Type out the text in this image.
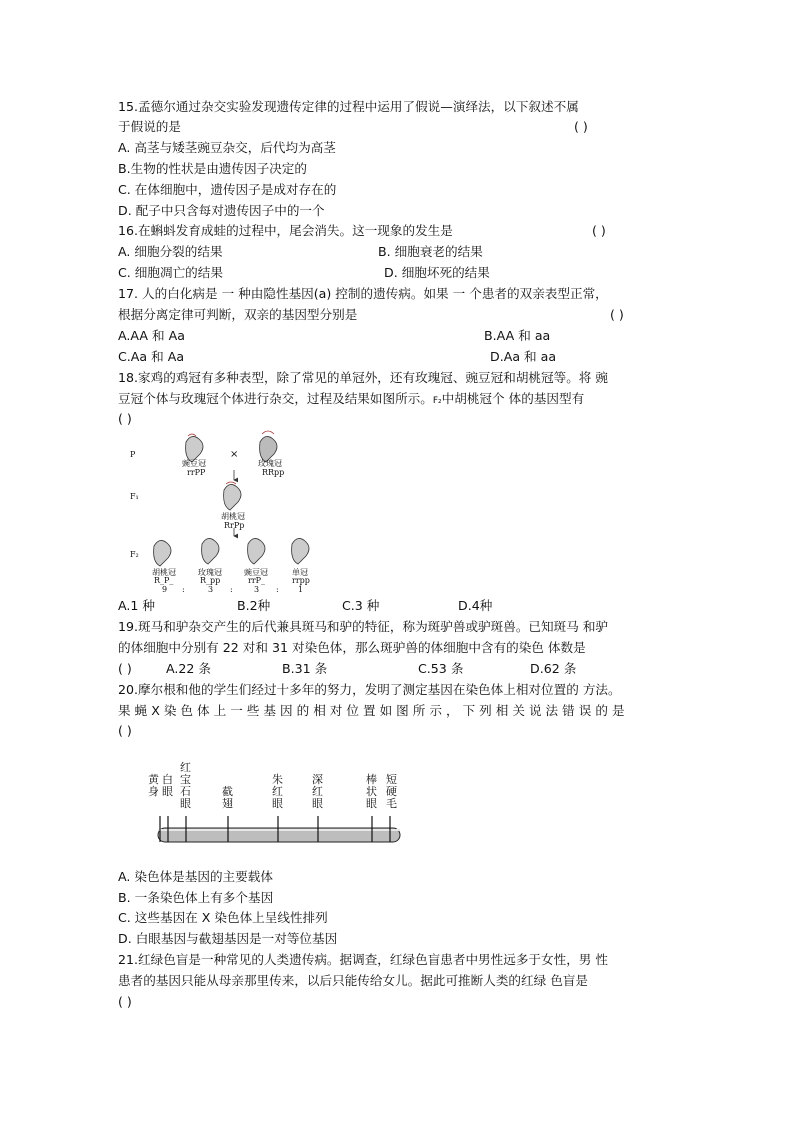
15.孟德尔通过杂交实验发现遗传定律的过程中运用了假说—演绎法，以下叙述不属
于假说的是	( )
A. 高茎与矮茎豌豆杂交，后代均为高茎
B.生物的性状是由遗传因子决定的
C. 在体细胞中，遗传因子是成对存在的
D. 配子中只含每对遗传因子中的一个
16.在蝌蚪发育成蛙的过程中，尾会消失。这一现象的发生是	( )
A. 细胞分裂的结果	B. 细胞衰老的结果
C. 细胞凋亡的结果	D. 细胞坏死的结果
17. 人的白化病是 一 种由隐性基因(a) 控制的遗传病。如果 一 个患者的双亲表型正常，
根据分离定律可判断，双亲的基因型分别是	( )
A.AA 和 Aa	B.AA 和 aa
C.Aa 和 Aa	D.Aa 和 aa
18.家鸡的鸡冠有多种表型，除了常见的单冠外，还有玫瑰冠、豌豆冠和胡桃冠等。将 豌
豆冠个体与玫瑰冠个体进行杂交，过程及结果如图所示。F₂中胡桃冠个 体的基因型有
( )
P
F₁
F₂
豌豆冠
rrPP
×
玫瑰冠
RRpp
胡桃冠
RrPp
胡桃冠
R_P_
9 :
玫瑰冠
R_pp
3 :
豌豆冠
rrP_
3 :
单冠
rrpp
1
A.1 种	B.2种	C.3 种	D.4种
19.斑马和驴杂交产生的后代兼具斑马和驴的特征，称为斑驴兽或驴斑兽。已知斑马 和驴
的体细胞中分别有 22 对和 31 对染色体，那么斑驴兽的体细胞中含有的染色 体数是
( )	A.22 条	B.31 条	C.53 条	D.62 条
20.摩尔根和他的学生们经过十多年的努力，发明了测定基因在染色体上相对位置的 方法。
果 蝇 X 染 色 体 上 一 些 基 因 的 相 对 位 置 如 图 所 示 ， 下 列 相 关 说 法 错 误 的 是
( )
黄身
白眼
红宝石眼
截翅
朱红眼
深红眼
棒状眼
短硬毛
A. 染色体是基因的主要载体
B. 一条染色体上有多个基因
C. 这些基因在 X 染色体上呈线性排列
D. 白眼基因与截翅基因是一对等位基因
21.红绿色盲是一种常见的人类遗传病。据调查，红绿色盲患者中男性远多于女性，男 性
患者的基因只能从母亲那里传来，以后只能传给女儿。据此可推断人类的红绿 色盲是
( )
